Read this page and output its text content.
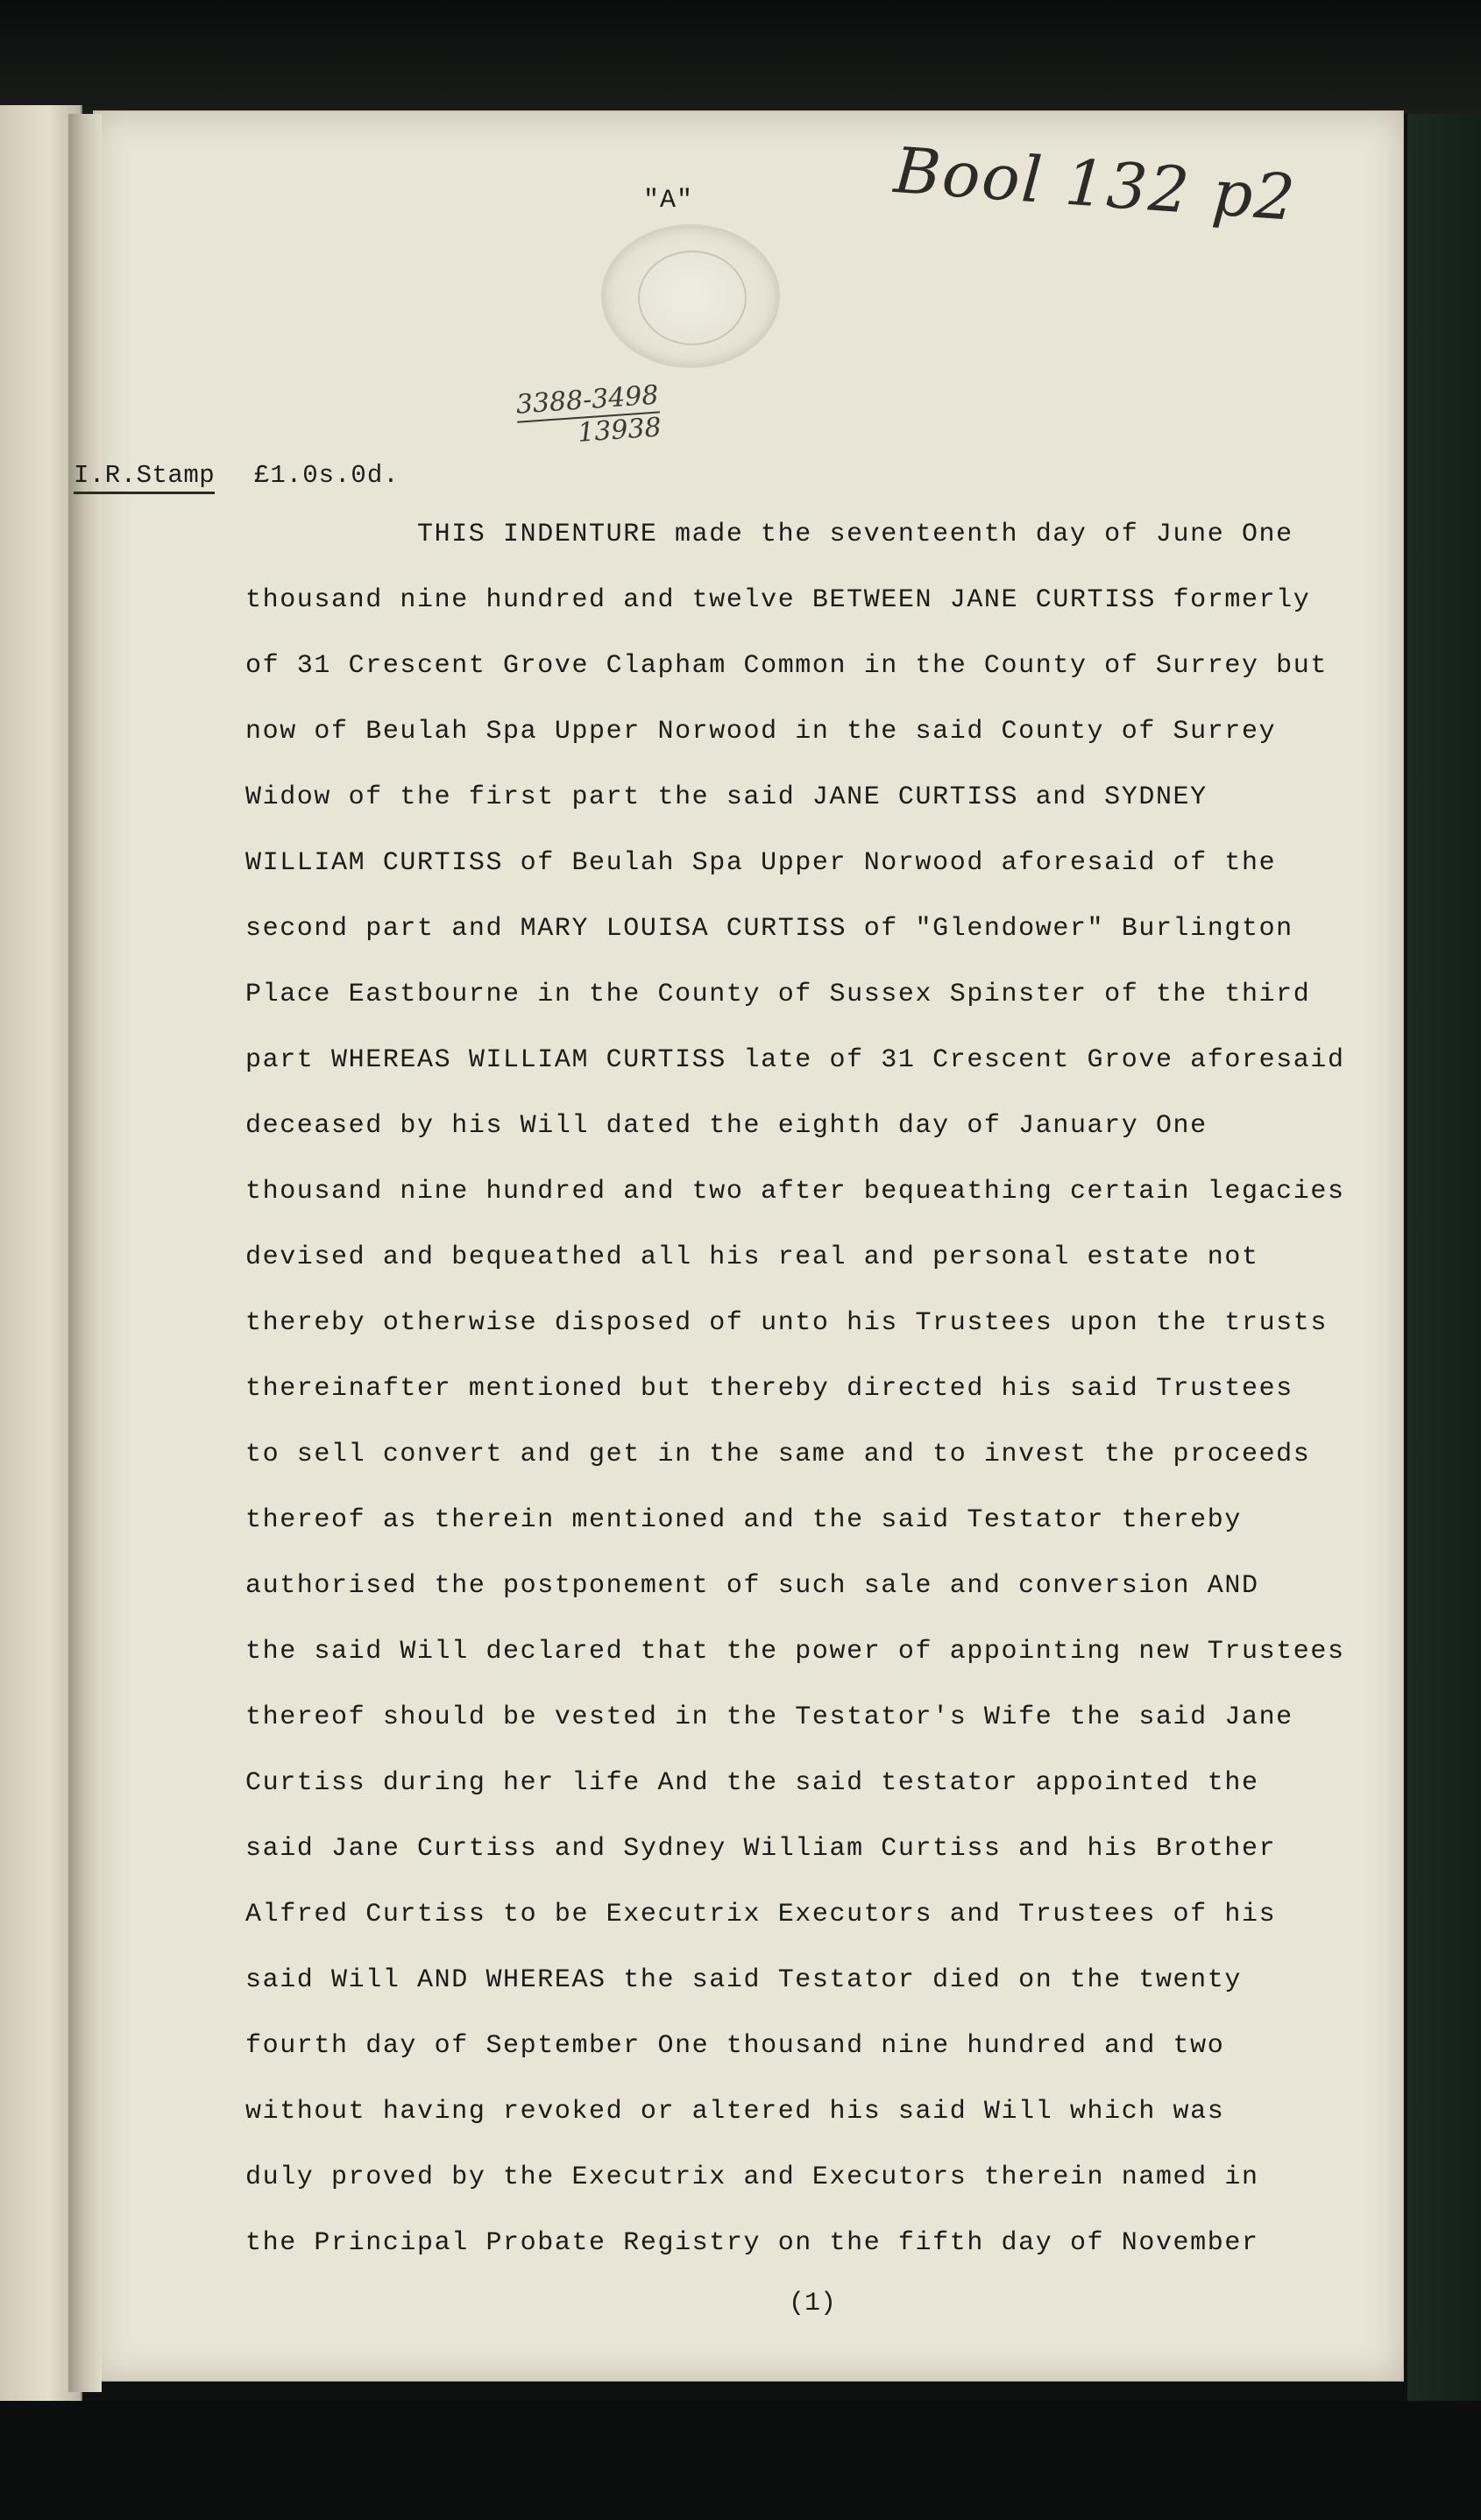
"A"	Bool 132 p2
3388-3498
13938
I.R.Stamp £1.0s.0d.
THIS INDENTURE made the seventeenth day of June One
thousand nine hundred and twelve BETWEEN JANE CURTISS formerly
of 31 Crescent Grove Clapham Common in the County of Surrey but
now of Beulah Spa Upper Norwood in the said County of Surrey
Widow of the first part the said JANE CURTISS and SYDNEY
WILLIAM CURTISS of Beulah Spa Upper Norwood aforesaid of the
second part and MARY LOUISA CURTISS of "Glendower" Burlington
Place Eastbourne in the County of Sussex Spinster of the third
part WHEREAS WILLIAM CURTISS late of 31 Crescent Grove aforesaid
deceased by his Will dated the eighth day of January One
thousand nine hundred and two after bequeathing certain legacies
devised and bequeathed all his real and personal estate not
thereby otherwise disposed of unto his Trustees upon the trusts
thereinafter mentioned but thereby directed his said Trustees
to sell convert and get in the same and to invest the proceeds
thereof as therein mentioned and the said Testator thereby
authorised the postponement of such sale and conversion AND
the said Will declared that the power of appointing new Trustees
thereof should be vested in the Testator's Wife the said Jane
Curtiss during her life And the said testator appointed the
said Jane Curtiss and Sydney William Curtiss and his Brother
Alfred Curtiss to be Executrix Executors and Trustees of his
said Will AND WHEREAS the said Testator died on the twenty
fourth day of September One thousand nine hundred and two
without having revoked or altered his said Will which was
duly proved by the Executrix and Executors therein named in
the Principal Probate Registry on the fifth day of November
(1)
